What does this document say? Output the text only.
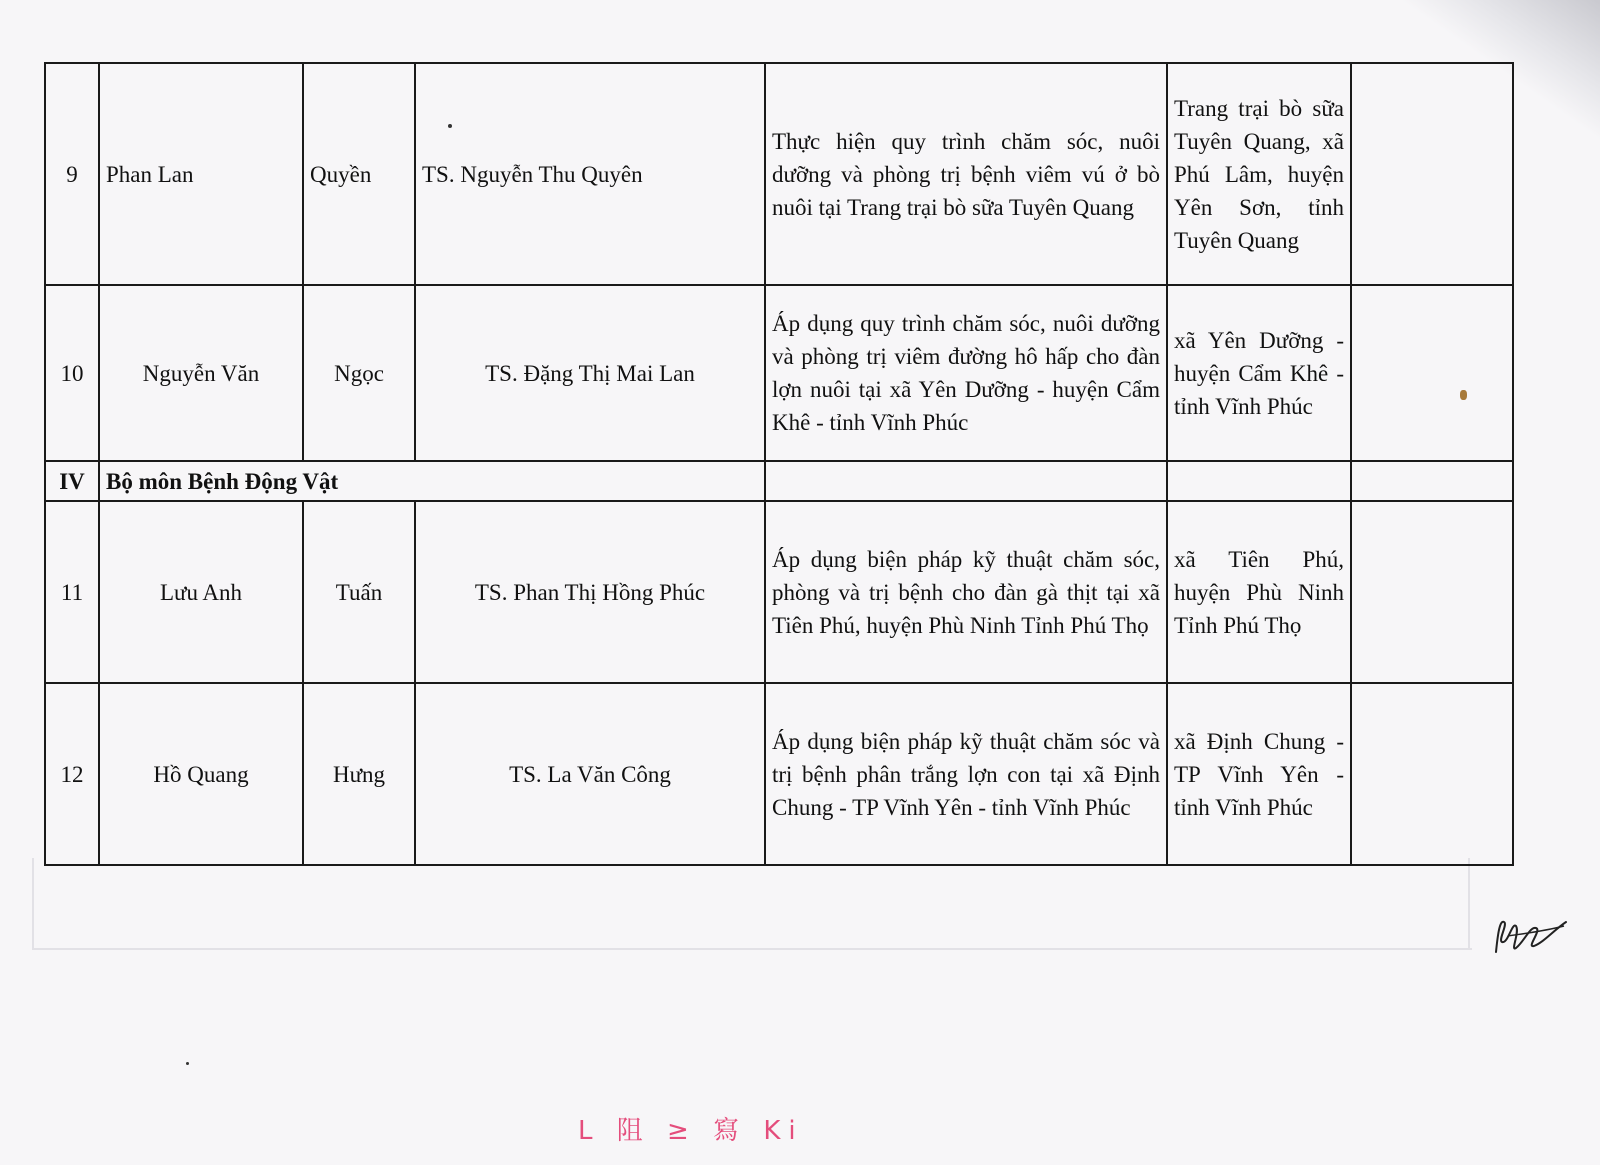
9	Phan Lan	Quyền	TS. Nguyễn Thu Quyên	Thực hiện quy trình chăm sóc, nuôi dưỡng và phòng trị bệnh viêm vú ở bò nuôi tại Trang trại bò sữa Tuyên Quang	Trang trại bò sữa Tuyên Quang, xã Phú Lâm, huyện Yên Sơn, tỉnh Tuyên Quang	
10	Nguyễn Văn	Ngọc	TS. Đặng Thị Mai Lan	Áp dụng quy trình chăm sóc, nuôi dưỡng và phòng trị viêm đường hô hấp cho đàn lợn nuôi tại xã Yên Dưỡng - huyện Cẩm Khê - tỉnh Vĩnh Phúc	xã Yên Dưỡng - huyện Cẩm Khê - tỉnh Vĩnh Phúc	
IV	Bộ môn Bệnh Động Vật					
11	Lưu Anh	Tuấn	TS. Phan Thị Hồng Phúc	Áp dụng biện pháp kỹ thuật chăm sóc, phòng và trị bệnh cho đàn gà thịt tại xã Tiên Phú, huyện Phù Ninh Tỉnh Phú Thọ	xã Tiên Phú, huyện Phù Ninh Tỉnh Phú Thọ	
12	Hồ Quang	Hưng	TS. La Văn Công	Áp dụng biện pháp kỹ thuật chăm sóc và trị bệnh phân trắng lợn con tại xã Định Chung - TP Vĩnh Yên - tỉnh Vĩnh Phúc	xã Định Chung - TP Vĩnh Yên - tỉnh Vĩnh Phúc	
L 阻 ≥ 寫 Ki
